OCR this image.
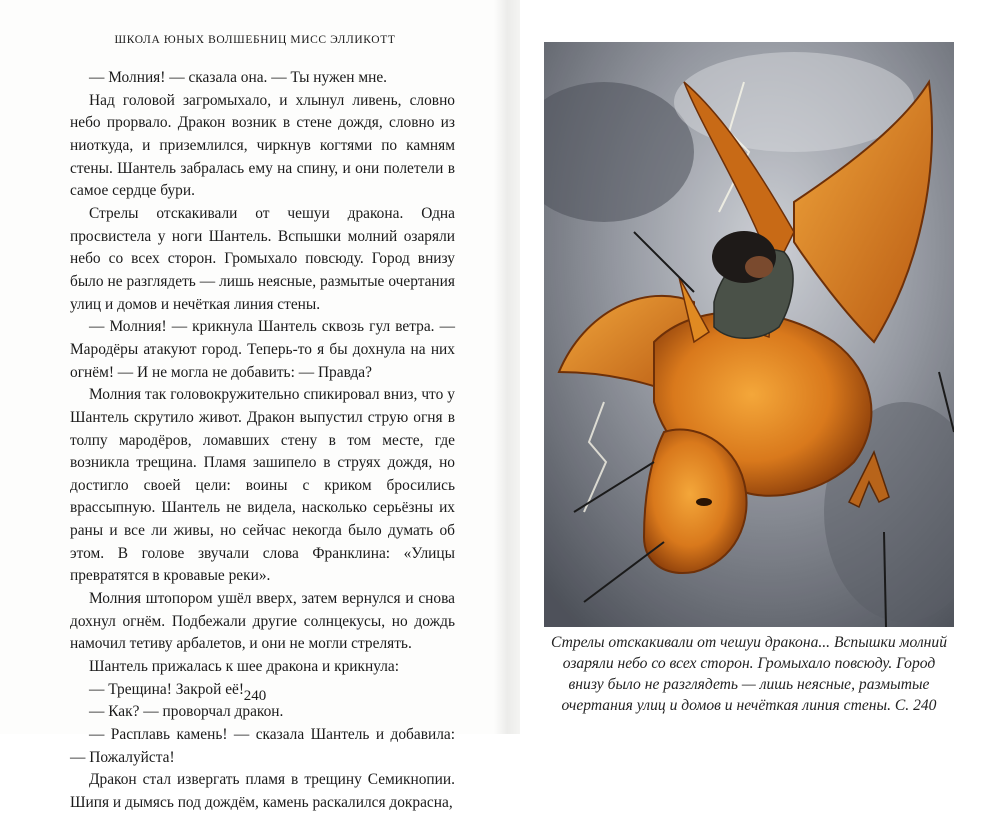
ШКОЛА ЮНЫХ ВОЛШЕБНИЦ МИСС ЭЛЛИКОТТ

— Молния! — сказала она. — Ты нужен мне.

Над головой загромыхало, и хлынул ливень, словно небо прорвало. Дракон возник в стене дождя, словно из ниоткуда, и приземлился, чиркнув когтями по камням стены. Шантель забралась ему на спину, и они полетели в самое сердце бури.

Стрелы отскакивали от чешуи дракона. Одна просвистела у ноги Шантель. Вспышки молний озаряли небо со всех сторон. Громыхало повсюду. Город внизу было не разглядеть — лишь неясные, размытые очертания улиц и домов и нечёткая линия стены.

— Молния! — крикнула Шантель сквозь гул ветра. — Мародёры атакуют город. Теперь-то я бы дохнула на них огнём! — И не могла не добавить: — Правда?

Молния так головокружительно спикировал вниз, что у Шантель скрутило живот. Дракон выпустил струю огня в толпу мародёров, ломавших стену в том месте, где возникла трещина. Пламя зашипело в струях дождя, но достигло своей цели: воины с криком бросились врассыпную. Шантель не видела, насколько серьёзны их раны и все ли живы, но сейчас некогда было думать об этом. В голове звучали слова Франклина: «Улицы превратятся в кровавые реки».

Молния штопором ушёл вверх, затем вернулся и снова дохнул огнём. Подбежали другие солнцекусы, но дождь намочил тетиву арбалетов, и они не могли стрелять.

Шантель прижалась к шее дракона и крикнула:

— Трещина! Закрой её!

— Как? — проворчал дракон.

— Расплавь камень! — сказала Шантель и добавила: — Пожалуйста!

Дракон стал извергать пламя в трещину Семикнопии. Шипя и дымясь под дождём, камень раскалился докрасна,

240
Стрелы отскакивали от чешуи дракона... Вспышки молний
озаряли небо со всех сторон. Громыхало повсюду. Город
внизу было не разглядеть — лишь неясные, размытые
очертания улиц и домов и нечёткая линия стены. С. 240
